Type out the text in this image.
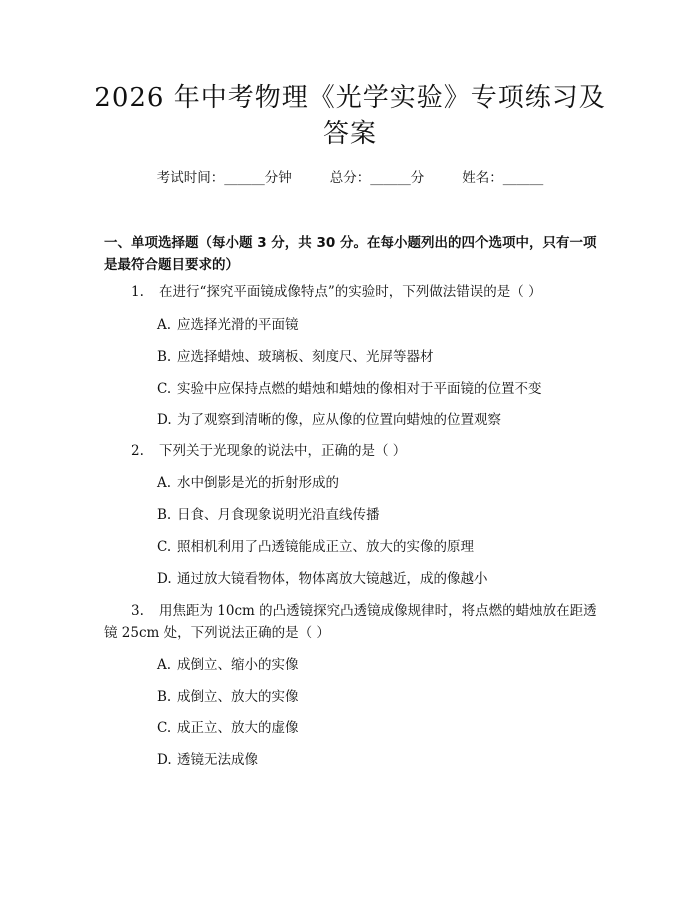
2026 年中考物理《光学实验》专项练习及答案
考试时间：______分钟	总分：______分	姓名：______
一、单项选择题（每小题 3 分，共 30 分。在每小题列出的四个选项中，只有一项是最符合题目要求的）
1. 在进行“探究平面镜成像特点”的实验时，下列做法错误的是（ ）
A. 应选择光滑的平面镜
B. 应选择蜡烛、玻璃板、刻度尺、光屏等器材
C. 实验中应保持点燃的蜡烛和蜡烛的像相对于平面镜的位置不变
D. 为了观察到清晰的像，应从像的位置向蜡烛的位置观察
2. 下列关于光现象的说法中，正确的是（ ）
A. 水中倒影是光的折射形成的
B. 日食、月食现象说明光沿直线传播
C. 照相机利用了凸透镜能成正立、放大的实像的原理
D. 通过放大镜看物体，物体离放大镜越近，成的像越小
3. 用焦距为 10cm 的凸透镜探究凸透镜成像规律时，将点燃的蜡烛放在距透
镜 25cm 处，下列说法正确的是（ ）
A. 成倒立、缩小的实像
B. 成倒立、放大的实像
C. 成正立、放大的虚像
D. 透镜无法成像
